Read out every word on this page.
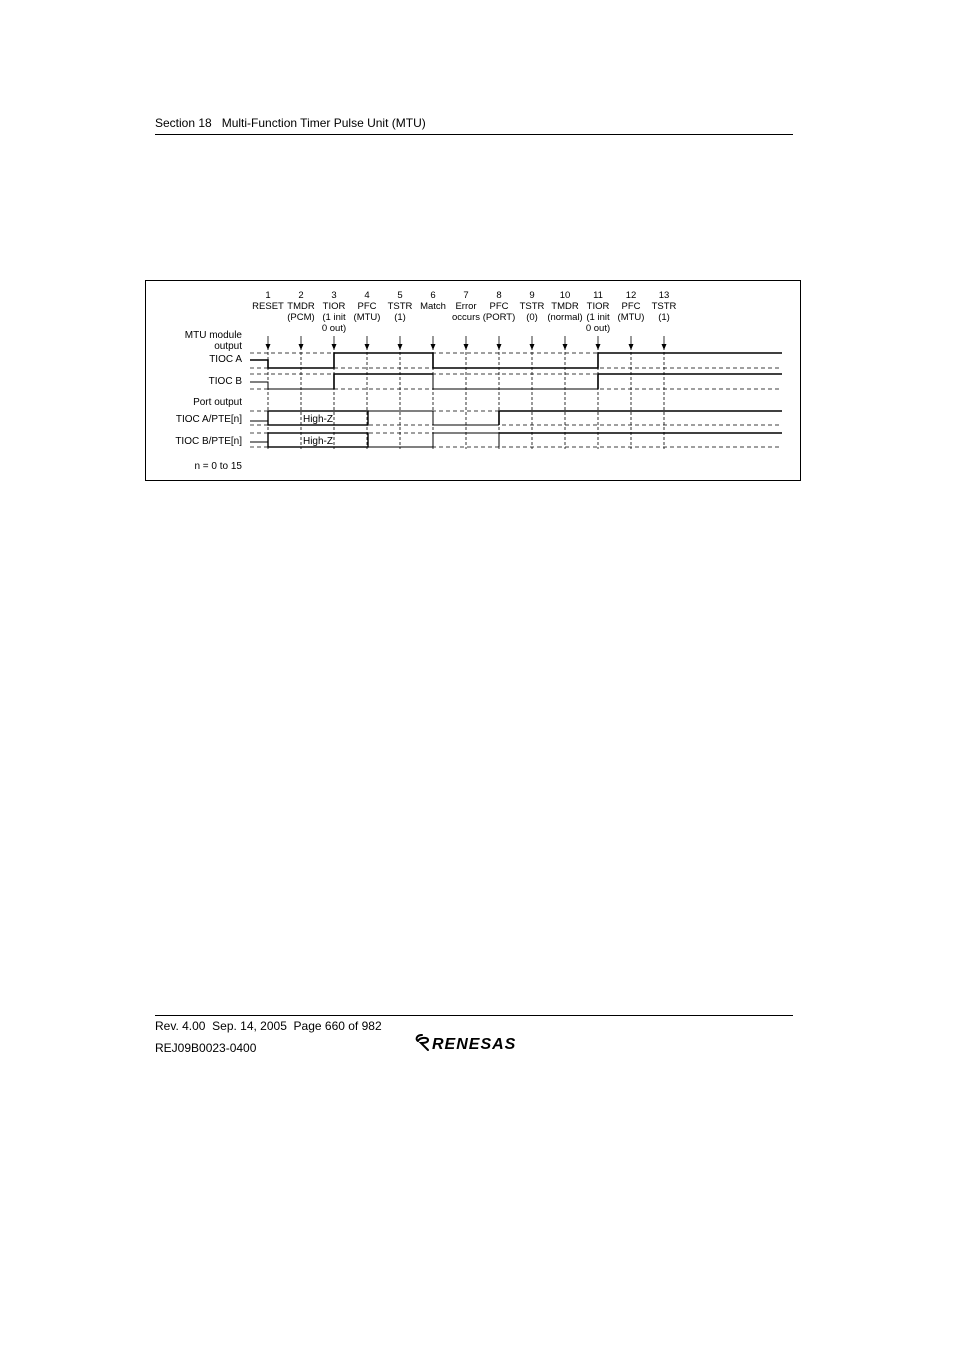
Section 18   Multi-Function Timer Pulse Unit (MTU)
1
RESET
2
TMDR
(PCM)
3
TIOR
(1 init
0 out)
4
PFC
(MTU)
5
TSTR
(1)
6
Match
7
Error
occurs
8
PFC
(PORT)
9
TSTR
(0)
10
TMDR
(normal)
11
TIOR
(1 init
0 out)
12
PFC
(MTU)
13
TSTR
(1)
MTU module
output
TIOC A
TIOC B
Port output
TIOC A/PTE[n]
TIOC B/PTE[n]
n = 0 to 15
High-Z
High-Z
Rev. 4.00  Sep. 14, 2005  Page 660 of 982
REJ09B0023-0400	RENESAS
